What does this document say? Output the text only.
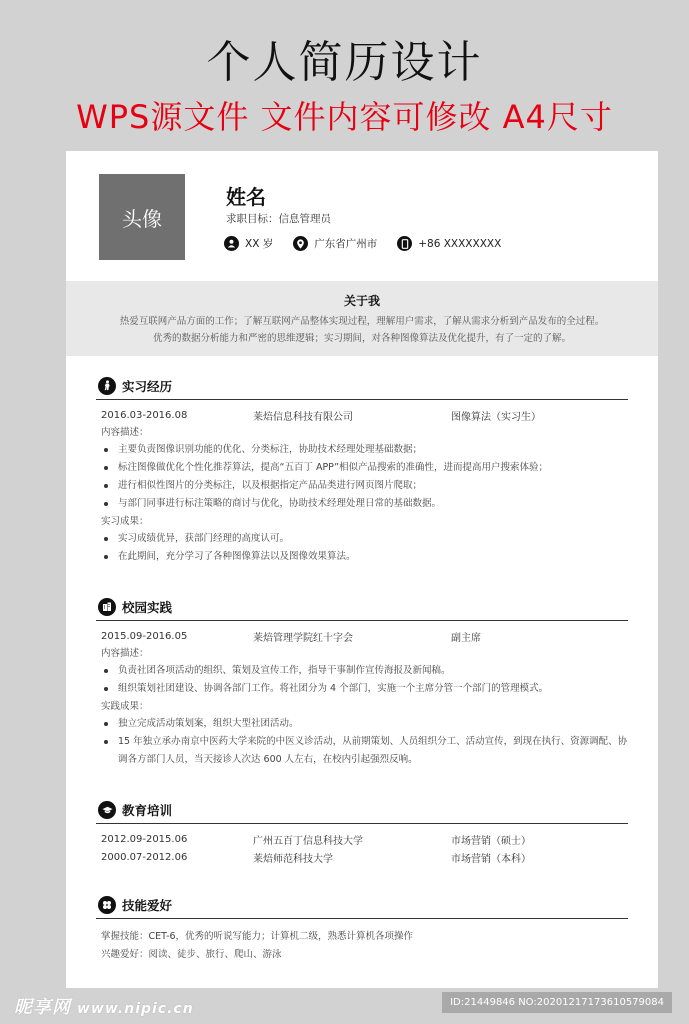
个人简历设计
WPS源文件 文件内容可修改 A4尺寸
头像
姓名
求职目标：信息管理员
XX 岁	广东省广州市	+86 XXXXXXXX
关于我

热爱互联网产品方面的工作；了解互联网产品整体实现过程，理解用户需求，了解从需求分析到产品发布的全过程。

优秀的数据分析能力和严密的思维逻辑；实习期间，对各种图像算法及优化提升，有了一定的了解。

实习经历
2016.03-2016.08	莱焙信息科技有限公司	图像算法（实习生）
内容描述：
主要负责图像识别功能的优化、分类标注，协助技术经理处理基础数据；
标注图像做优化个性化推荐算法，提高“五百丁 APP”相似产品搜索的准确性，进而提高用户搜索体验；
进行相似性图片的分类标注，以及根据指定产品品类进行网页图片爬取；
与部门同事进行标注策略的商讨与优化，协助技术经理处理日常的基础数据。
实习成果：
实习成绩优异，获部门经理的高度认可。
在此期间，充分学习了各种图像算法以及图像效果算法。
校园实践
2015.09-2016.05	莱焙管理学院红十字会	副主席
内容描述：
负责社团各项活动的组织、策划及宣传工作，指导干事制作宣传海报及新闻稿。
组织策划社团建设、协调各部门工作。将社团分为 4 个部门，实施一个主席分管一个部门的管理模式。
实践成果：
独立完成活动策划案，组织大型社团活动。
15 年独立承办南京中医药大学来院的中医义诊活动，从前期策划、人员组织分工、活动宣传，到现在执行、资源调配、协调各方部门人员，当天接诊人次达 600 人左右，在校内引起强烈反响。
教育培训
2012.09-2015.06	广州五百丁信息科技大学	市场营销（硕士）
2000.07-2012.06	莱焙师范科技大学	市场营销（本科）
技能爱好
掌握技能：CET-6，优秀的听说写能力；计算机二级，熟悉计算机各项操作
兴趣爱好：阅读、徒步、旅行、爬山、游泳
昵享网 www.nipic.cn	ID:21449846 NO:20201217173610579084
